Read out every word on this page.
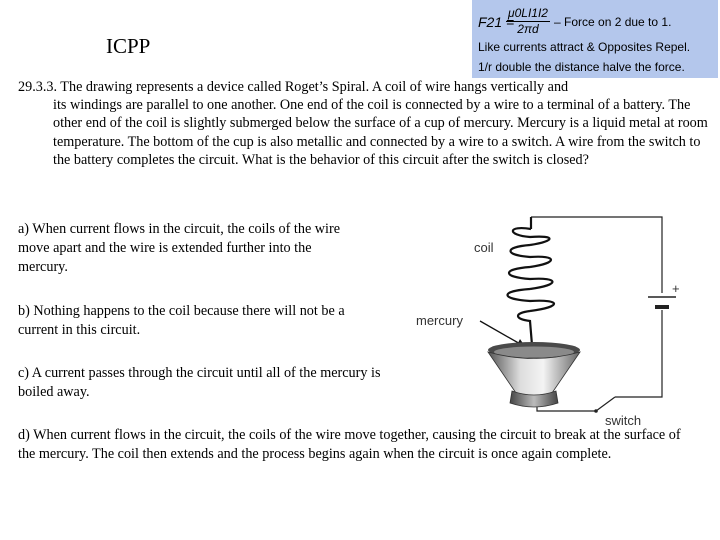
ICPP
F21 =
$\frac{\mu 0LI1I2}{2\pi d}$ – Force on 2 due to 1.
Like currents attract & Opposites Repel.
1/r double the distance halve the force.
29.3.3. The drawing represents a device called Roget’s Spiral. A coil of wire hangs vertically and
its windings are parallel to one another. One end of the coil is connected by a wire to a terminal of a battery. The other end of the coil is slightly submerged below the surface of a cup of mercury. Mercury is a liquid metal at room temperature. The bottom of the cup is also metallic and connected by a wire to a switch. A wire from the switch to the battery completes the circuit. What is the behavior of this circuit after the switch is closed?
a) When current flows in the circuit, the coils of the wire move apart and the wire is extended further into the mercury.
b) Nothing happens to the coil because there will not be a current in this circuit.
c) A current passes through the circuit until all of the mercury is boiled away.
d) When current flows in the circuit, the coils of the wire move together, causing the circuit to break at the surface of the mercury. The coil then extends and the process begins again when the circuit is once again complete.
+
switch
coil
mercury
